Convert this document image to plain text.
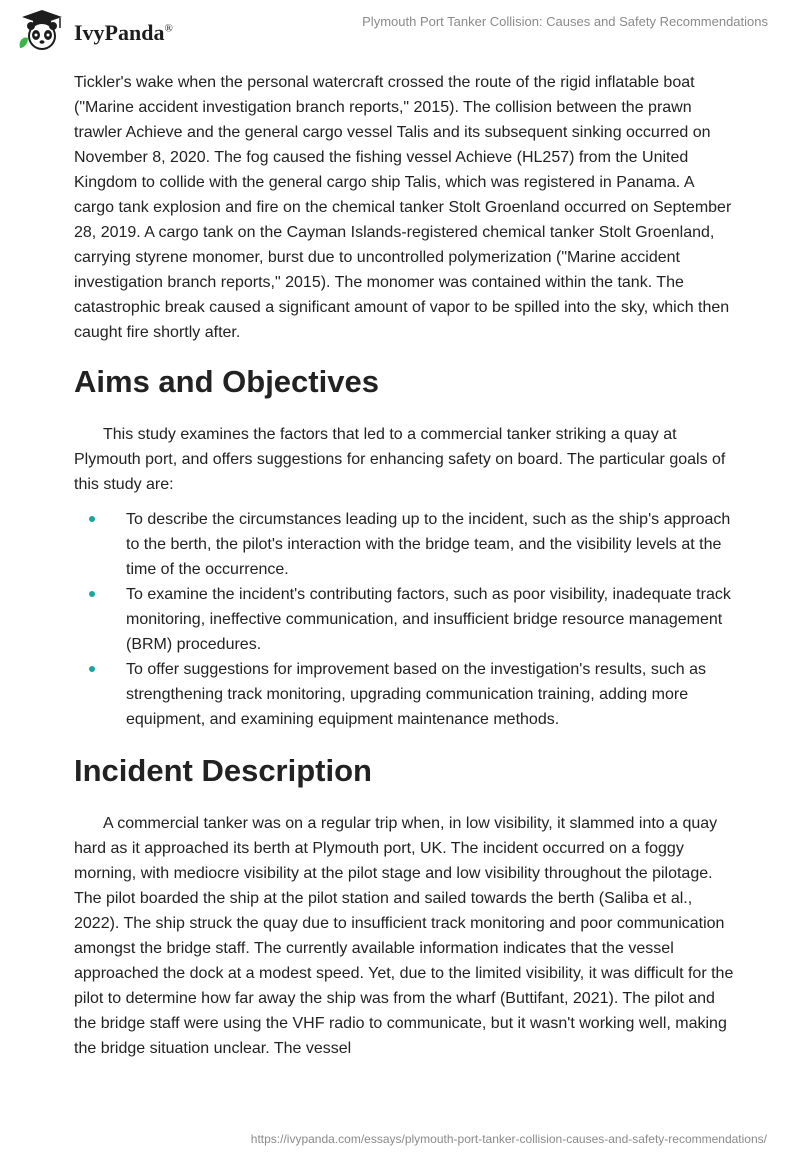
IvyPanda®	Plymouth Port Tanker Collision: Causes and Safety Recommendations

Tickler's wake when the personal watercraft crossed the route of the rigid inflatable boat ("Marine accident investigation branch reports," 2015). The collision between the prawn trawler Achieve and the general cargo vessel Talis and its subsequent sinking occurred on November 8, 2020. The fog caused the fishing vessel Achieve (HL257) from the United Kingdom to collide with the general cargo ship Talis, which was registered in Panama. A cargo tank explosion and fire on the chemical tanker Stolt Groenland occurred on September 28, 2019. A cargo tank on the Cayman Islands-registered chemical tanker Stolt Groenland, carrying styrene monomer, burst due to uncontrolled polymerization ("Marine accident investigation branch reports," 2015). The monomer was contained within the tank. The catastrophic break caused a significant amount of vapor to be spilled into the sky, which then caught fire shortly after.

Aims and Objectives

This study examines the factors that led to a commercial tanker striking a quay at Plymouth port, and offers suggestions for enhancing safety on board. The particular goals of this study are:

To describe the circumstances leading up to the incident, such as the ship's approach to the berth, the pilot's interaction with the bridge team, and the visibility levels at the time of the occurrence.
To examine the incident's contributing factors, such as poor visibility, inadequate track monitoring, ineffective communication, and insufficient bridge resource management (BRM) procedures.
To offer suggestions for improvement based on the investigation's results, such as strengthening track monitoring, upgrading communication training, adding more equipment, and examining equipment maintenance methods.
Incident Description

A commercial tanker was on a regular trip when, in low visibility, it slammed into a quay hard as it approached its berth at Plymouth port, UK. The incident occurred on a foggy morning, with mediocre visibility at the pilot stage and low visibility throughout the pilotage. The pilot boarded the ship at the pilot station and sailed towards the berth (Saliba et al., 2022). The ship struck the quay due to insufficient track monitoring and poor communication amongst the bridge staff. The currently available information indicates that the vessel approached the dock at a modest speed. Yet, due to the limited visibility, it was difficult for the pilot to determine how far away the ship was from the wharf (Buttifant, 2021). The pilot and the bridge staff were using the VHF radio to communicate, but it wasn't working well, making the bridge situation unclear. The vessel

https://ivypanda.com/essays/plymouth-port-tanker-collision-causes-and-safety-recommendations/
